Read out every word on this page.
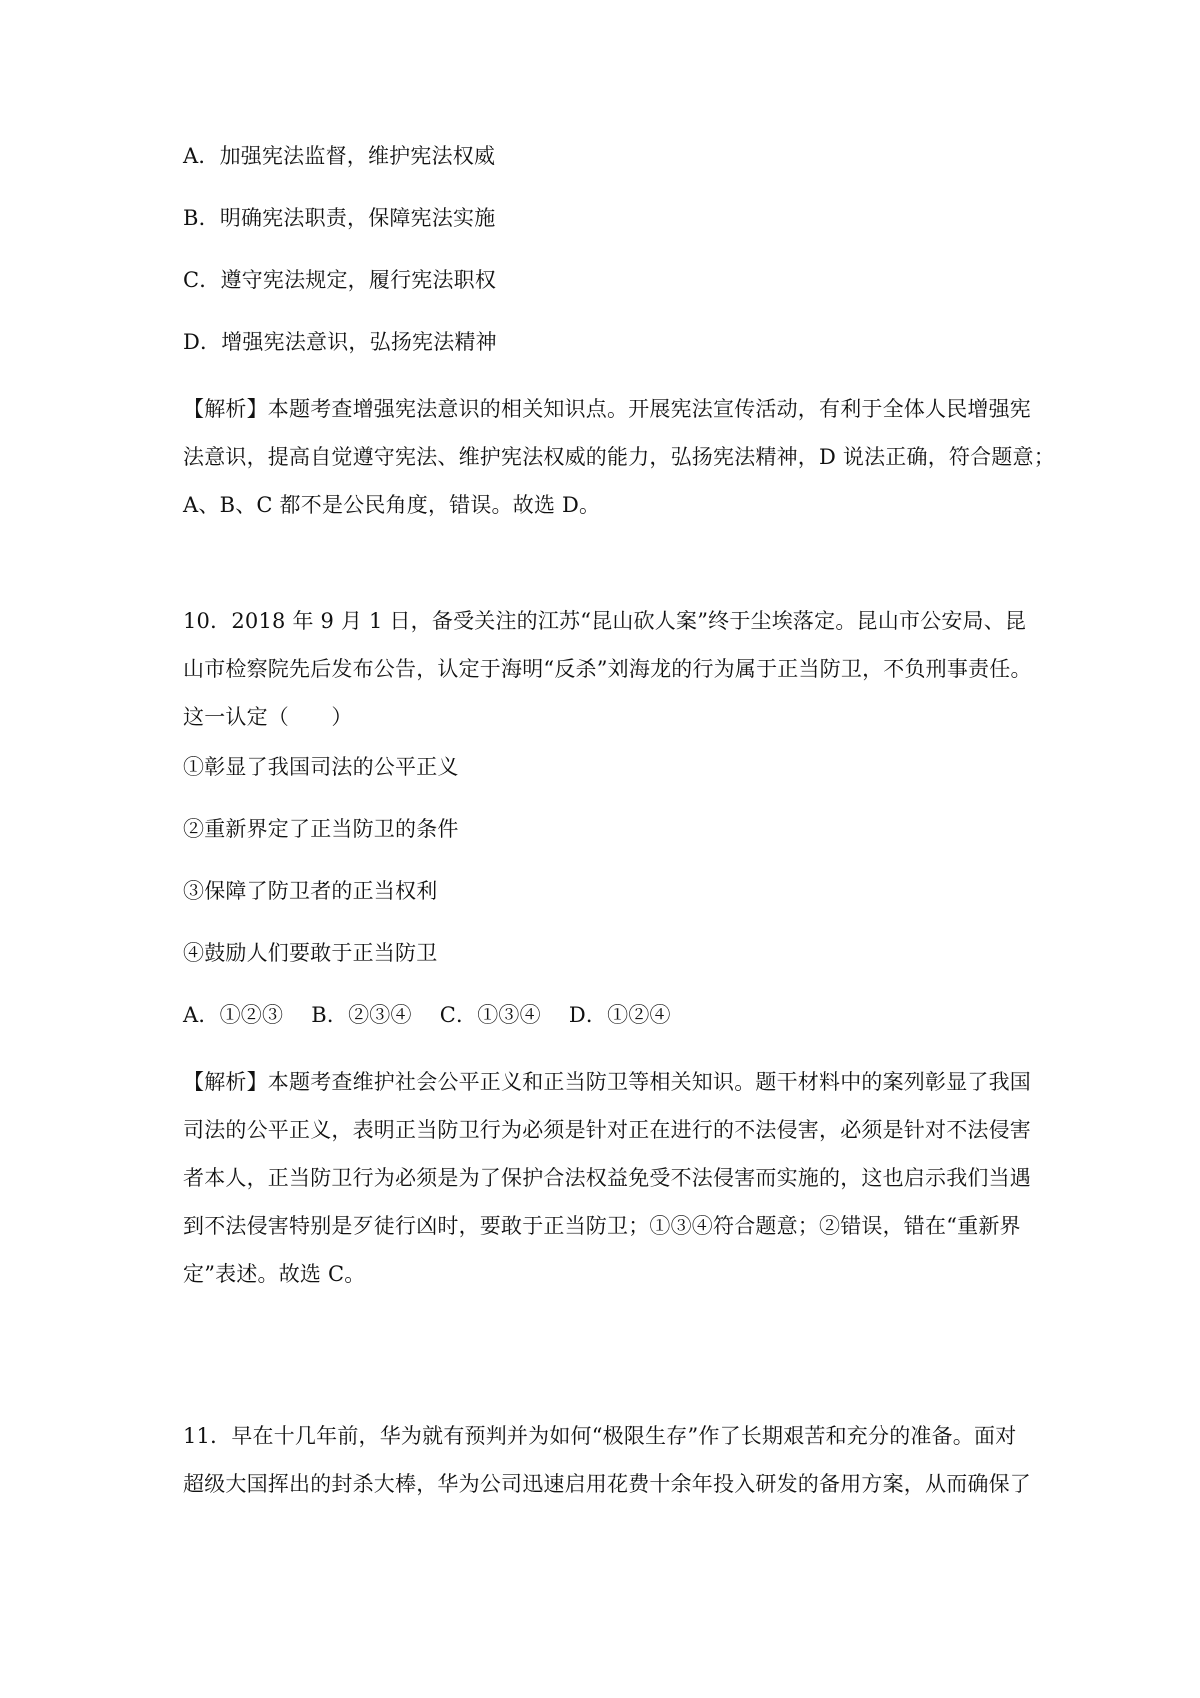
A．加强宪法监督，维护宪法权威
B．明确宪法职责，保障宪法实施
C．遵守宪法规定，履行宪法职权
D．增强宪法意识，弘扬宪法精神
【解析】本题考查增强宪法意识的相关知识点。开展宪法宣传活动，有利于全体人民增强宪
法意识，提高自觉遵守宪法、维护宪法权威的能力，弘扬宪法精神，D 说法正确，符合题意；
A、B、C 都不是公民角度，错误。故选 D。
10．2018 年 9 月 1 日，备受关注的江苏“昆山砍人案”终于尘埃落定。昆山市公安局、昆
山市检察院先后发布公告，认定于海明“反杀”刘海龙的行为属于正当防卫，不负刑事责任。
这一认定（　　）
①彰显了我国司法的公平正义
②重新界定了正当防卫的条件
③保障了防卫者的正当权利
④鼓励人们要敢于正当防卫
A．①②③　 B．②③④　 C．①③④　 D．①②④
【解析】本题考查维护社会公平正义和正当防卫等相关知识。题干材料中的案列彰显了我国
司法的公平正义，表明正当防卫行为必须是针对正在进行的不法侵害，必须是针对不法侵害
者本人，正当防卫行为必须是为了保护合法权益免受不法侵害而实施的，这也启示我们当遇
到不法侵害特别是歹徒行凶时，要敢于正当防卫；①③④符合题意；②错误，错在“重新界
定”表述。故选 C。
11．早在十几年前，华为就有预判并为如何“极限生存”作了长期艰苦和充分的准备。面对
超级大国挥出的封杀大棒，华为公司迅速启用花费十余年投入研发的备用方案，从而确保了
